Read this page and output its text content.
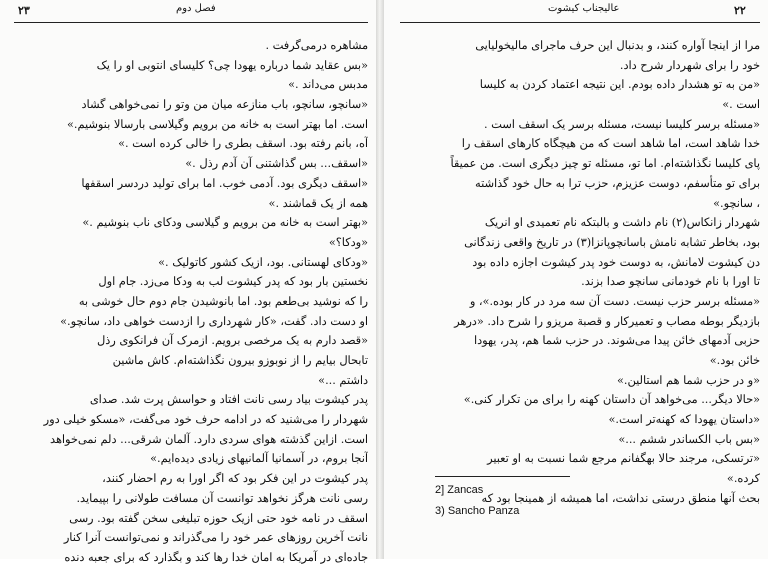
۲۳	فصل دوم	۲۲
عالیجناب کیشوت
مشاهره درمی‌گرفت .
«بس عقاید شما درباره یهودا چی؟ کلیسای انتوبی او را یک
مدبس می‌داند .»
«سانچو، سانچو، باب منازعه میان من وتو را نمی‌خواهی گشاد
است. اما بهتر است به خانه من برویم وگیلاسی بارسالا بنوشیم.»
آه، بانم رفته بود. اسقف بطری را خالی کرده است .»
«اسقف... بس گذاشتنی آن آدم رذل .»
«اسقف دیگری بود. آدمی خوب. اما برای تولید دردسر اسقفها
همه از یک قماشند .»
«بهتر است به خانه من برویم و گیلاسی ودکای ناب بنوشیم .»
«ودکا؟»
«ودکای لهستانی. بود، ازیک کشور کاتولیک .»
نخستین بار بود که پدر کیشوت لب به ودکا می‌زد. جام اول
را که نوشید بی‌طعم بود. اما بانوشیدن جام دوم حال خوشی به
او دست داد. گفت، «کار شهرداری را ازدست خواهی داد، سانچو.»
«قصد دارم به یک مرخصی برویم. ازمرک آن فرانکوی رذل
تابحال بیایم را از نوبوزو بیرون نگذاشته‌ام. کاش ماشین
داشتم ...»
پدر کیشوت بیاد رسی نانت افتاد و حواسش پرت شد. صدای
شهردار را می‌شنید که در ادامه حرف خود می‌گفت، «مسکو خیلی دور
است. ازاین گذشته هوای سردی دارد. آلمان شرقی... دلم نمی‌خواهد
آنجا بروم، در آسمانیا آلمانیهای زیادی دیده‌ایم.»
پدر کیشوت در این فکر بود که اگر اورا به رم احضار کنند،
رسی نانت هرگز نخواهد توانست آن مسافت طولانی را بپیماید.
اسقف در نامه خود حتی ازیک حوزه تبلیغی سخن گفته بود. رسی
نانت آخرین روزهای عمر خود را می‌گذراند و نمی‌توانست آنرا کنار
جاده‌ای در آمریکا به امان خدا رها کند و بگذارد که برای جعبه دنده
مرا از اینجا آواره کنند، و بدنبال این حرف ماجرای مالیخولیایی
خود را برای شهردار شرح داد.
«من به تو هشدار داده بودم. این نتیجه اعتماد کردن به کلیسا
است .»
«مسئله برسر کلیسا نیست، مسئله برسر یک اسقف است .
خدا شاهد است، اما شاهد است که من هیچگاه کارهای اسقف را
پای کلیسا نگذاشته‌ام. اما تو، مسئله تو چیز دیگری است. من عمیقاً
برای تو متأسفم، دوست عزیزم، حزب ترا به حال خود گذاشته
، سانچو.»
شهردار زانکاس(۲) نام داشت و بالبتکه نام تعمیدی او انریک
بود، بخاطر تشابه نامش باسانچوپانزا(۳) در تاریخ واقعی زندگانی
دن کیشوت لامانش، به دوست خود پدر کیشوت اجازه داده بود
تا اورا با نام خودمانی سانچو صدا بزند.
«مسئله برسر حزب نیست. دست آن سه مرد در کار بوده.»، و
بازدیگر بوطه مصاب و تعمیرکار و قصبة مریزو را شرح داد. «درهر
حزبی آدمهای خائن پیدا می‌شوند. در حزب شما هم، پدر، یهودا
خائن بود.»
«و در حزب شما هم استالین.»
«حالا دیگر... می‌خواهد آن داستان کهنه را برای من تکرار کنی.»
«داستان یهودا که کهنه‌تر است.»
«بس باب الکساندر ششم ...»
«ترتسکی، مرجند حالا بهگفانم مرجع شما نسبت به او تعبیر
کرده.»
بحث آنها منطق درستی نداشت، اما همیشه از همینجا بود که
2] Zancas
3) Sancho Panza
